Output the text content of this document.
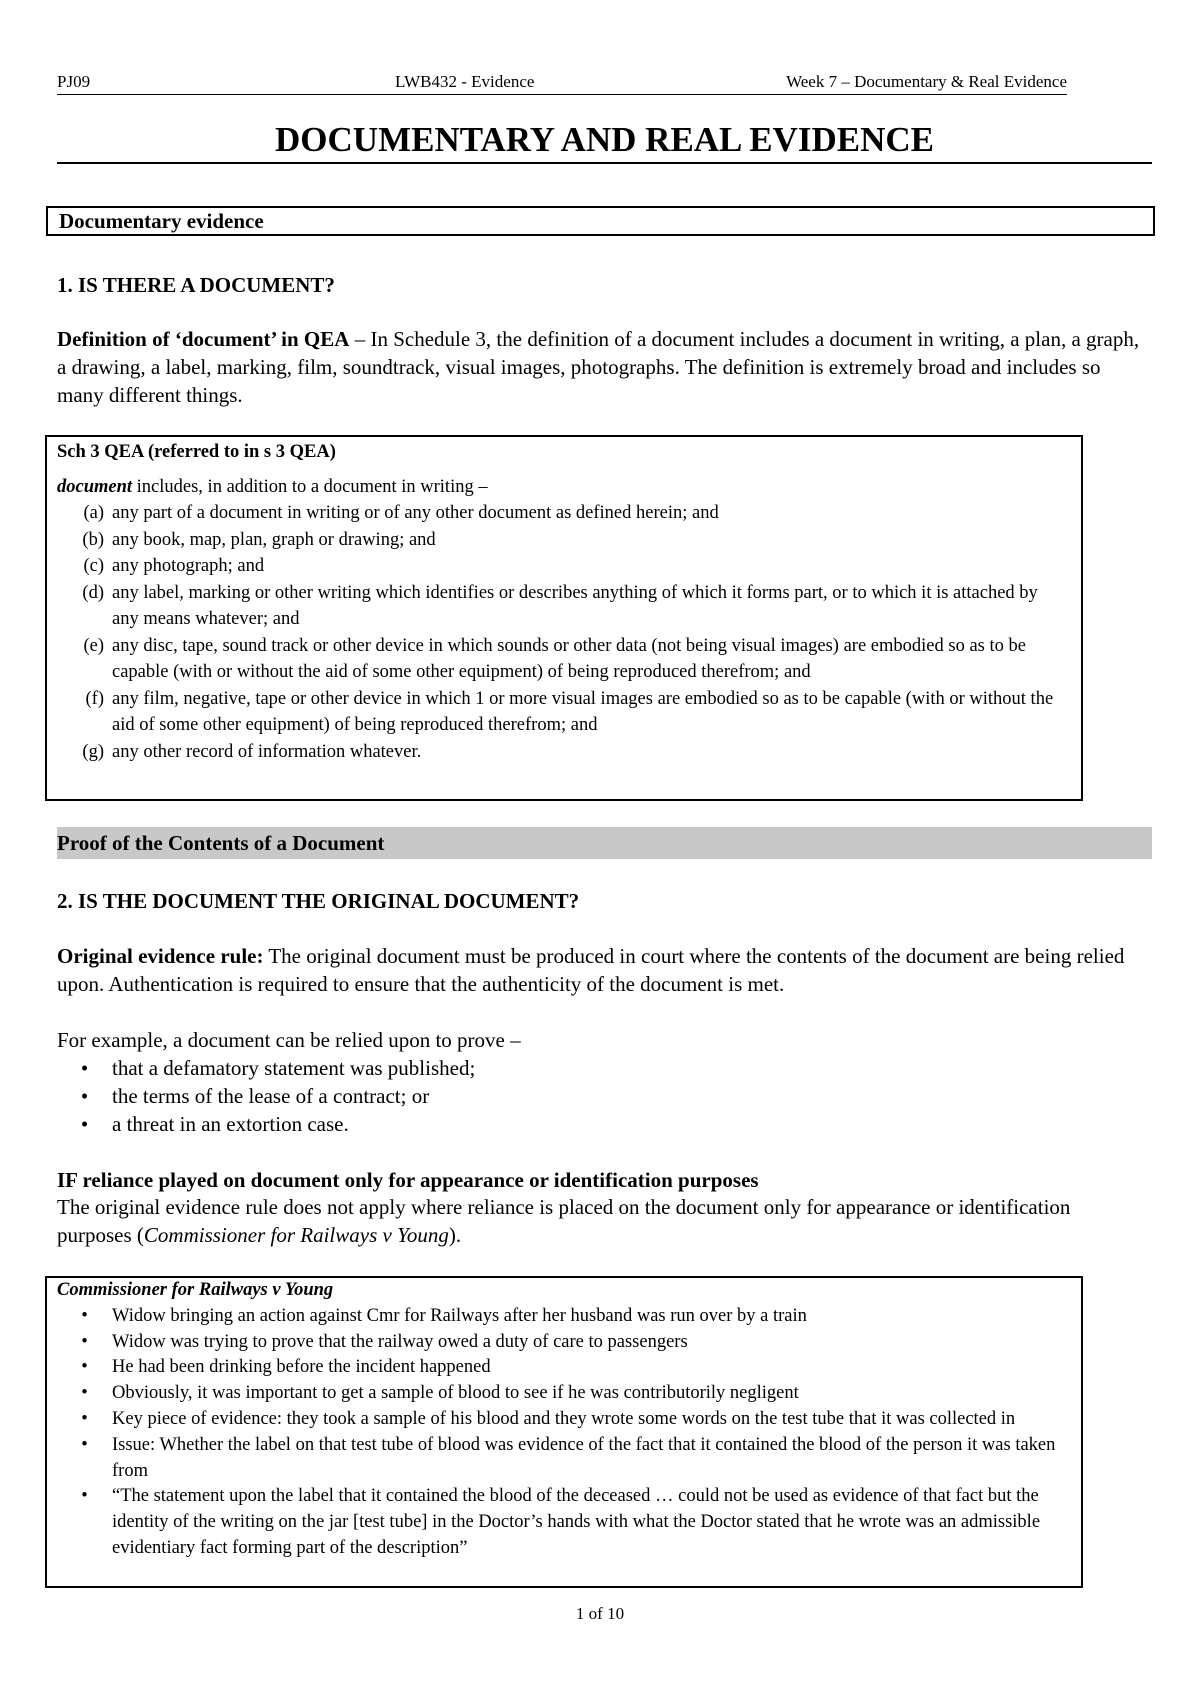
PJ09	LWB432 - Evidence	Week 7 – Documentary & Real Evidence
DOCUMENTARY AND REAL EVIDENCE
Documentary evidence
1. IS THERE A DOCUMENT?
Definition of ‘document’ in QEA – In Schedule 3, the definition of a document includes a document in writing, a plan, a graph, a drawing, a label, marking, film, soundtrack, visual images, photographs. The definition is extremely broad and includes so many different things.
Sch 3 QEA (referred to in s 3 QEA)
document includes, in addition to a document in writing –
(a) any part of a document in writing or of any other document as defined herein; and
(b) any book, map, plan, graph or drawing; and
(c) any photograph; and
(d) any label, marking or other writing which identifies or describes anything of which it forms part, or to which it is attached by any means whatever; and
(e) any disc, tape, sound track or other device in which sounds or other data (not being visual images) are embodied so as to be capable (with or without the aid of some other equipment) of being reproduced therefrom; and
(f) any film, negative, tape or other device in which 1 or more visual images are embodied so as to be capable (with or without the aid of some other equipment) of being reproduced therefrom; and
(g) any other record of information whatever.
Proof of the Contents of a Document
2. IS THE DOCUMENT THE ORIGINAL DOCUMENT?
Original evidence rule: The original document must be produced in court where the contents of the document are being relied upon. Authentication is required to ensure that the authenticity of the document is met.
For example, a document can be relied upon to prove –
•	that a defamatory statement was published;
•	the terms of the lease of a contract; or
•	a threat in an extortion case.
IF reliance played on document only for appearance or identification purposes
The original evidence rule does not apply where reliance is placed on the document only for appearance or identification purposes (Commissioner for Railways v Young).
Commissioner for Railways v Young
•	Widow bringing an action against Cmr for Railways after her husband was run over by a train
•	Widow was trying to prove that the railway owed a duty of care to passengers
•	He had been drinking before the incident happened
•	Obviously, it was important to get a sample of blood to see if he was contributorily negligent
•	Key piece of evidence: they took a sample of his blood and they wrote some words on the test tube that it was collected in
•	Issue: Whether the label on that test tube of blood was evidence of the fact that it contained the blood of the person it was taken from
•	“The statement upon the label that it contained the blood of the deceased … could not be used as evidence of that fact but the identity of the writing on the jar [test tube] in the Doctor’s hands with what the Doctor stated that he wrote was an admissible evidentiary fact forming part of the description”
1 of 10
